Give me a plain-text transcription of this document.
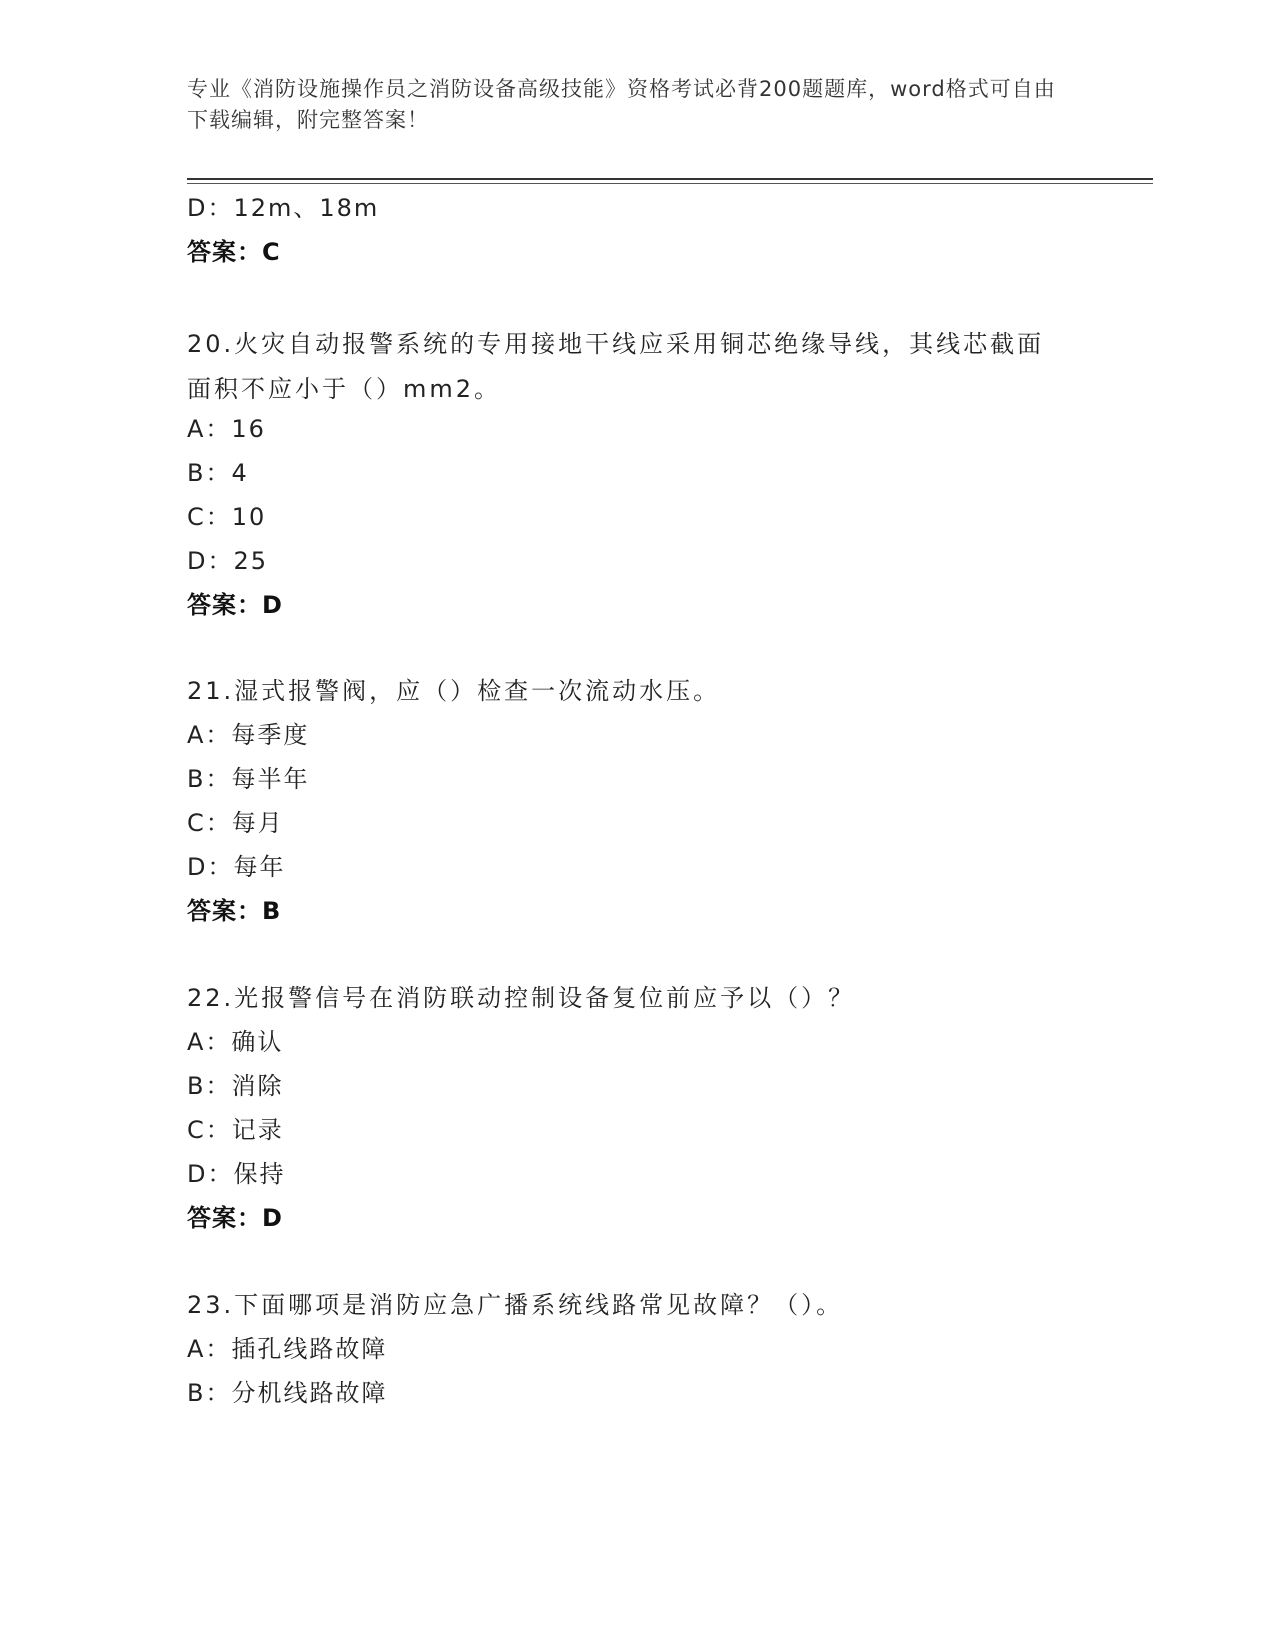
专业《消防设施操作员之消防设备高级技能》资格考试必背200题题库，word格式可自由下载编辑，附完整答案！
D：12m、18m
答案：C
20.火灾自动报警系统的专用接地干线应采用铜芯绝缘导线，其线芯截面面积不应小于（）mm2。
A：16
B：4
C：10
D：25
答案：D
21.湿式报警阀，应（）检查一次流动水压。
A：每季度
B：每半年
C：每月
D：每年
答案：B
22.光报警信号在消防联动控制设备复位前应予以（）？
A：确认
B：消除
C：记录
D：保持
答案：D
23.下面哪项是消防应急广播系统线路常见故障？（）。
A：插孔线路故障
B：分机线路故障
